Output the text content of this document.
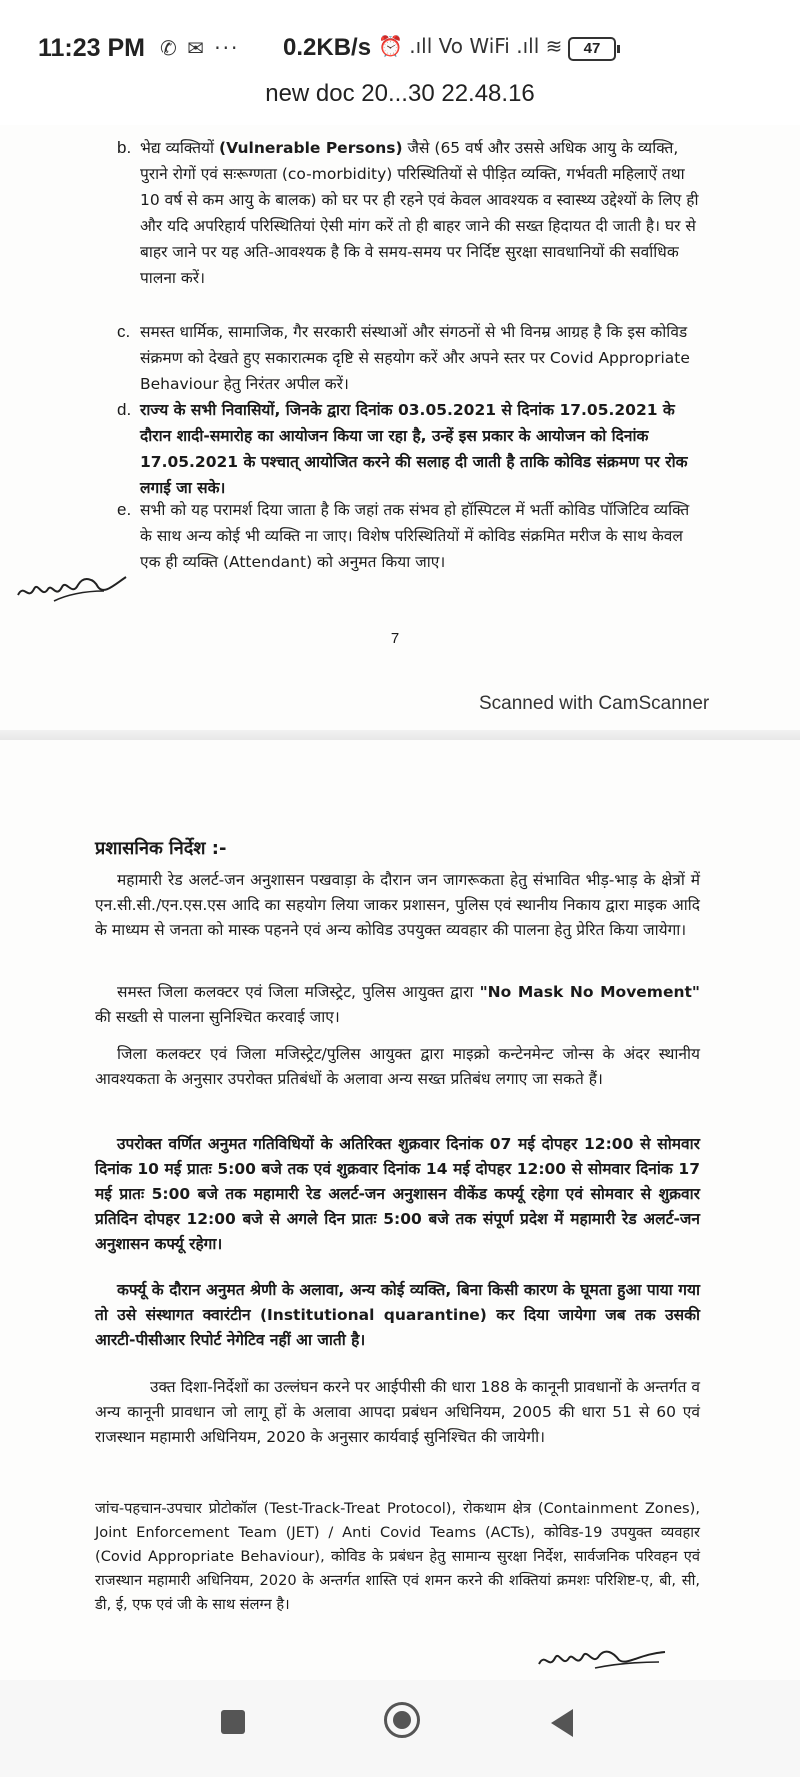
11:23 PM ✆ ✉ ··· 0.2KB/s ⏰ .ıll Vo WiFi .ıll ≋	47
new doc 20...30 22.48.16
b. भेद्य व्यक्तियों (Vulnerable Persons) जैसे (65 वर्ष और उससे अधिक आयु के व्यक्ति, पुराने रोगों एवं सःरूग्णता (co-morbidity) परिस्थितियों से पीड़ित व्यक्ति, गर्भवती महिलाऐं तथा 10 वर्ष से कम आयु के बालक) को घर पर ही रहने एवं केवल आवश्यक व स्वास्थ्य उद्देश्यों के लिए ही और यदि अपरिहार्य परिस्थितियां ऐसी मांग करें तो ही बाहर जाने की सख्त हिदायत दी जाती है। घर से बाहर जाने पर यह अति-आवश्यक है कि वे समय-समय पर निर्दिष्ट सुरक्षा सावधानियों की सर्वाधिक पालना करें।
c. समस्त धार्मिक, सामाजिक, गैर सरकारी संस्थाओं और संगठनों से भी विनम्र आग्रह है कि इस कोविड संक्रमण को देखते हुए सकारात्मक दृष्टि से सहयोग करें और अपने स्तर पर Covid Appropriate Behaviour हेतु निरंतर अपील करें।
d. राज्य के सभी निवासियों, जिनके द्वारा दिनांक 03.05.2021 से दिनांक 17.05.2021 के दौरान शादी-समारोह का आयोजन किया जा रहा है, उन्हें इस प्रकार के आयोजन को दिनांक 17.05.2021 के पश्चात् आयोजित करने की सलाह दी जाती है ताकि कोविड संक्रमण पर रोक लगाई जा सके।
e. सभी को यह परामर्श दिया जाता है कि जहां तक संभव हो हॉस्पिटल में भर्ती कोविड पॉजिटिव व्यक्ति के साथ अन्य कोई भी व्यक्ति ना जाए। विशेष परिस्थितियों में कोविड संक्रमित मरीज के साथ केवल एक ही व्यक्ति (Attendant) को अनुमत किया जाए।
7
Scanned with CamScanner
प्रशासनिक निर्देश :-
महामारी रेड अलर्ट-जन अनुशासन पखवाड़ा के दौरान जन जागरूकता हेतु संभावित भीड़-भाड़ के क्षेत्रों में एन.सी.सी./एन.एस.एस आदि का सहयोग लिया जाकर प्रशासन, पुलिस एवं स्थानीय निकाय द्वारा माइक आदि के माध्यम से जनता को मास्क पहनने एवं अन्य कोविड उपयुक्त व्यवहार की पालना हेतु प्रेरित किया जायेगा।
समस्त जिला कलक्टर एवं जिला मजिस्ट्रेट, पुलिस आयुक्त द्वारा "No Mask No Movement" की सख्ती से पालना सुनिश्चित करवाई जाए।
जिला कलक्टर एवं जिला मजिस्ट्रेट/पुलिस आयुक्त द्वारा माइक्रो कन्टेनमेन्ट जोन्स के अंदर स्थानीय आवश्यकता के अनुसार उपरोक्त प्रतिबंधों के अलावा अन्य सख्त प्रतिबंध लगाए जा सकते हैं।
उपरोक्त वर्णित अनुमत गतिविधियों के अतिरिक्त शुक्रवार दिनांक 07 मई दोपहर 12:00 से सोमवार दिनांक 10 मई प्रातः 5:00 बजे तक एवं शुक्रवार दिनांक 14 मई दोपहर 12:00 से सोमवार दिनांक 17 मई प्रातः 5:00 बजे तक महामारी रेड अलर्ट-जन अनुशासन वीकेंड कर्फ्यू रहेगा एवं सोमवार से शुक्रवार प्रतिदिन दोपहर 12:00 बजे से अगले दिन प्रातः 5:00 बजे तक संपूर्ण प्रदेश में महामारी रेड अलर्ट-जन अनुशासन कर्फ्यू रहेगा।
कर्फ्यू के दौरान अनुमत श्रेणी के अलावा, अन्य कोई व्यक्ति, बिना किसी कारण के घूमता हुआ पाया गया तो उसे संस्थागत क्वारंटीन (Institutional quarantine) कर दिया जायेगा जब तक उसकी आरटी-पीसीआर रिपोर्ट नेगेटिव नहीं आ जाती है।
उक्त दिशा-निर्देशों का उल्लंघन करने पर आईपीसी की धारा 188 के कानूनी प्रावधानों के अन्तर्गत व अन्य कानूनी प्रावधान जो लागू हों के अलावा आपदा प्रबंधन अधिनियम, 2005 की धारा 51 से 60 एवं राजस्थान महामारी अधिनियम, 2020 के अनुसार कार्यवाई सुनिश्चित की जायेगी।
जांच-पहचान-उपचार प्रोटोकॉल (Test-Track-Treat Protocol), रोकथाम क्षेत्र (Containment Zones), Joint Enforcement Team (JET) / Anti Covid Teams (ACTs), कोविड-19 उपयुक्त व्यवहार (Covid Appropriate Behaviour), कोविड के प्रबंधन हेतु सामान्य सुरक्षा निर्देश, सार्वजनिक परिवहन एवं राजस्थान महामारी अधिनियम, 2020 के अन्तर्गत शास्ति एवं शमन करने की शक्तियां क्रमशः परिशिष्ट-ए, बी, सी, डी, ई, एफ एवं जी के साथ संलग्न है।
